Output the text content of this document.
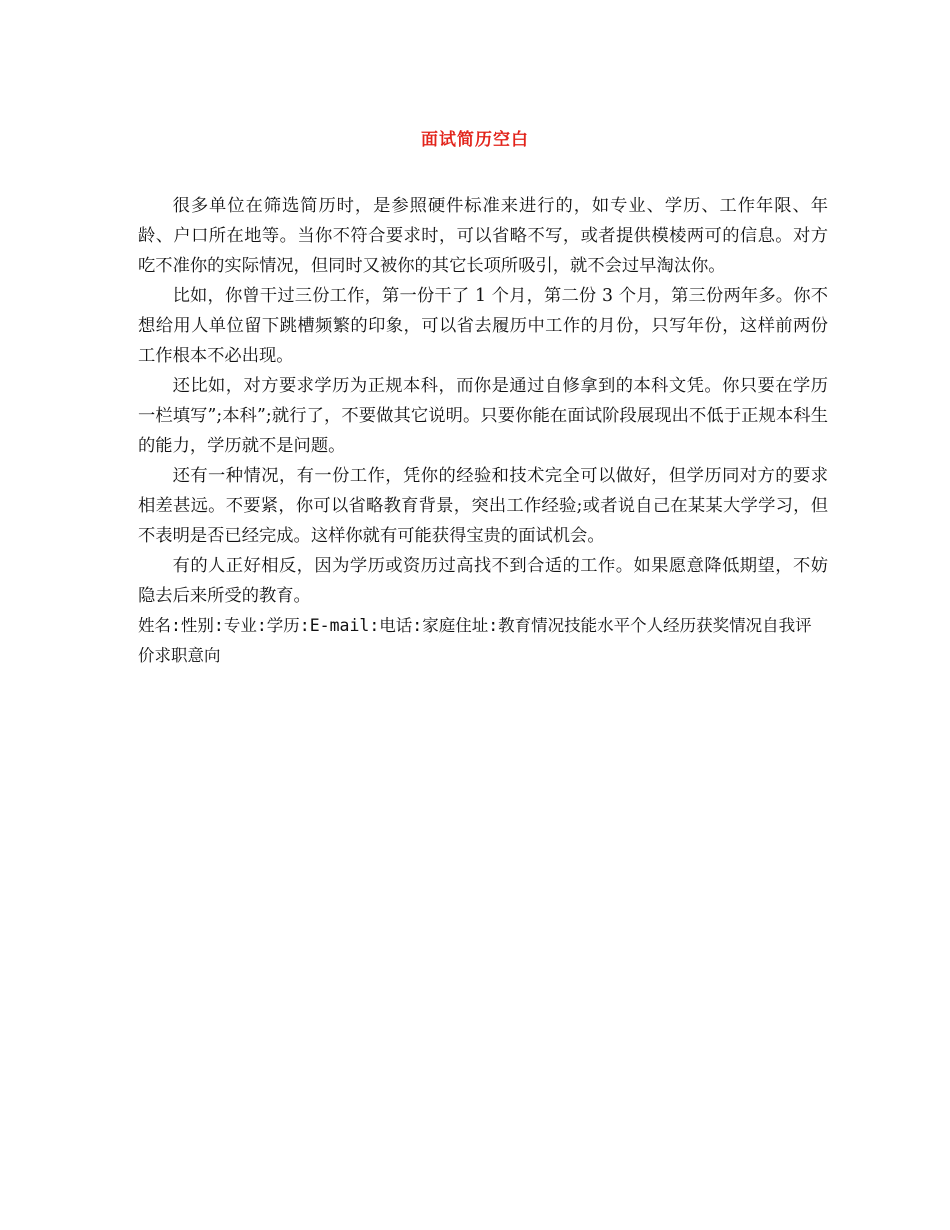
面试简历空白

很多单位在筛选简历时，是参照硬件标准来进行的，如专业、学历、工作年限、年龄、户口所在地等。当你不符合要求时，可以省略不写，或者提供模棱两可的信息。对方吃不准你的实际情况，但同时又被你的其它长项所吸引，就不会过早淘汰你。

比如，你曾干过三份工作，第一份干了 1 个月，第二份 3 个月，第三份两年多。你不想给用人单位留下跳槽频繁的印象，可以省去履历中工作的月份，只写年份，这样前两份工作根本不必出现。

还比如，对方要求学历为正规本科，而你是通过自修拿到的本科文凭。你只要在学历一栏填写”;本科”;就行了，不要做其它说明。只要你能在面试阶段展现出不低于正规本科生的能力，学历就不是问题。

还有一种情况，有一份工作，凭你的经验和技术完全可以做好，但学历同对方的要求相差甚远。不要紧，你可以省略教育背景，突出工作经验;或者说自己在某某大学学习，但不表明是否已经完成。这样你就有可能获得宝贵的面试机会。

有的人正好相反，因为学历或资历过高找不到合适的工作。如果愿意降低期望，不妨隐去后来所受的教育。

姓名:性别:专业:学历:E-mail:电话:家庭住址:教育情况技能水平个人经历获奖情况自我评价求职意向
